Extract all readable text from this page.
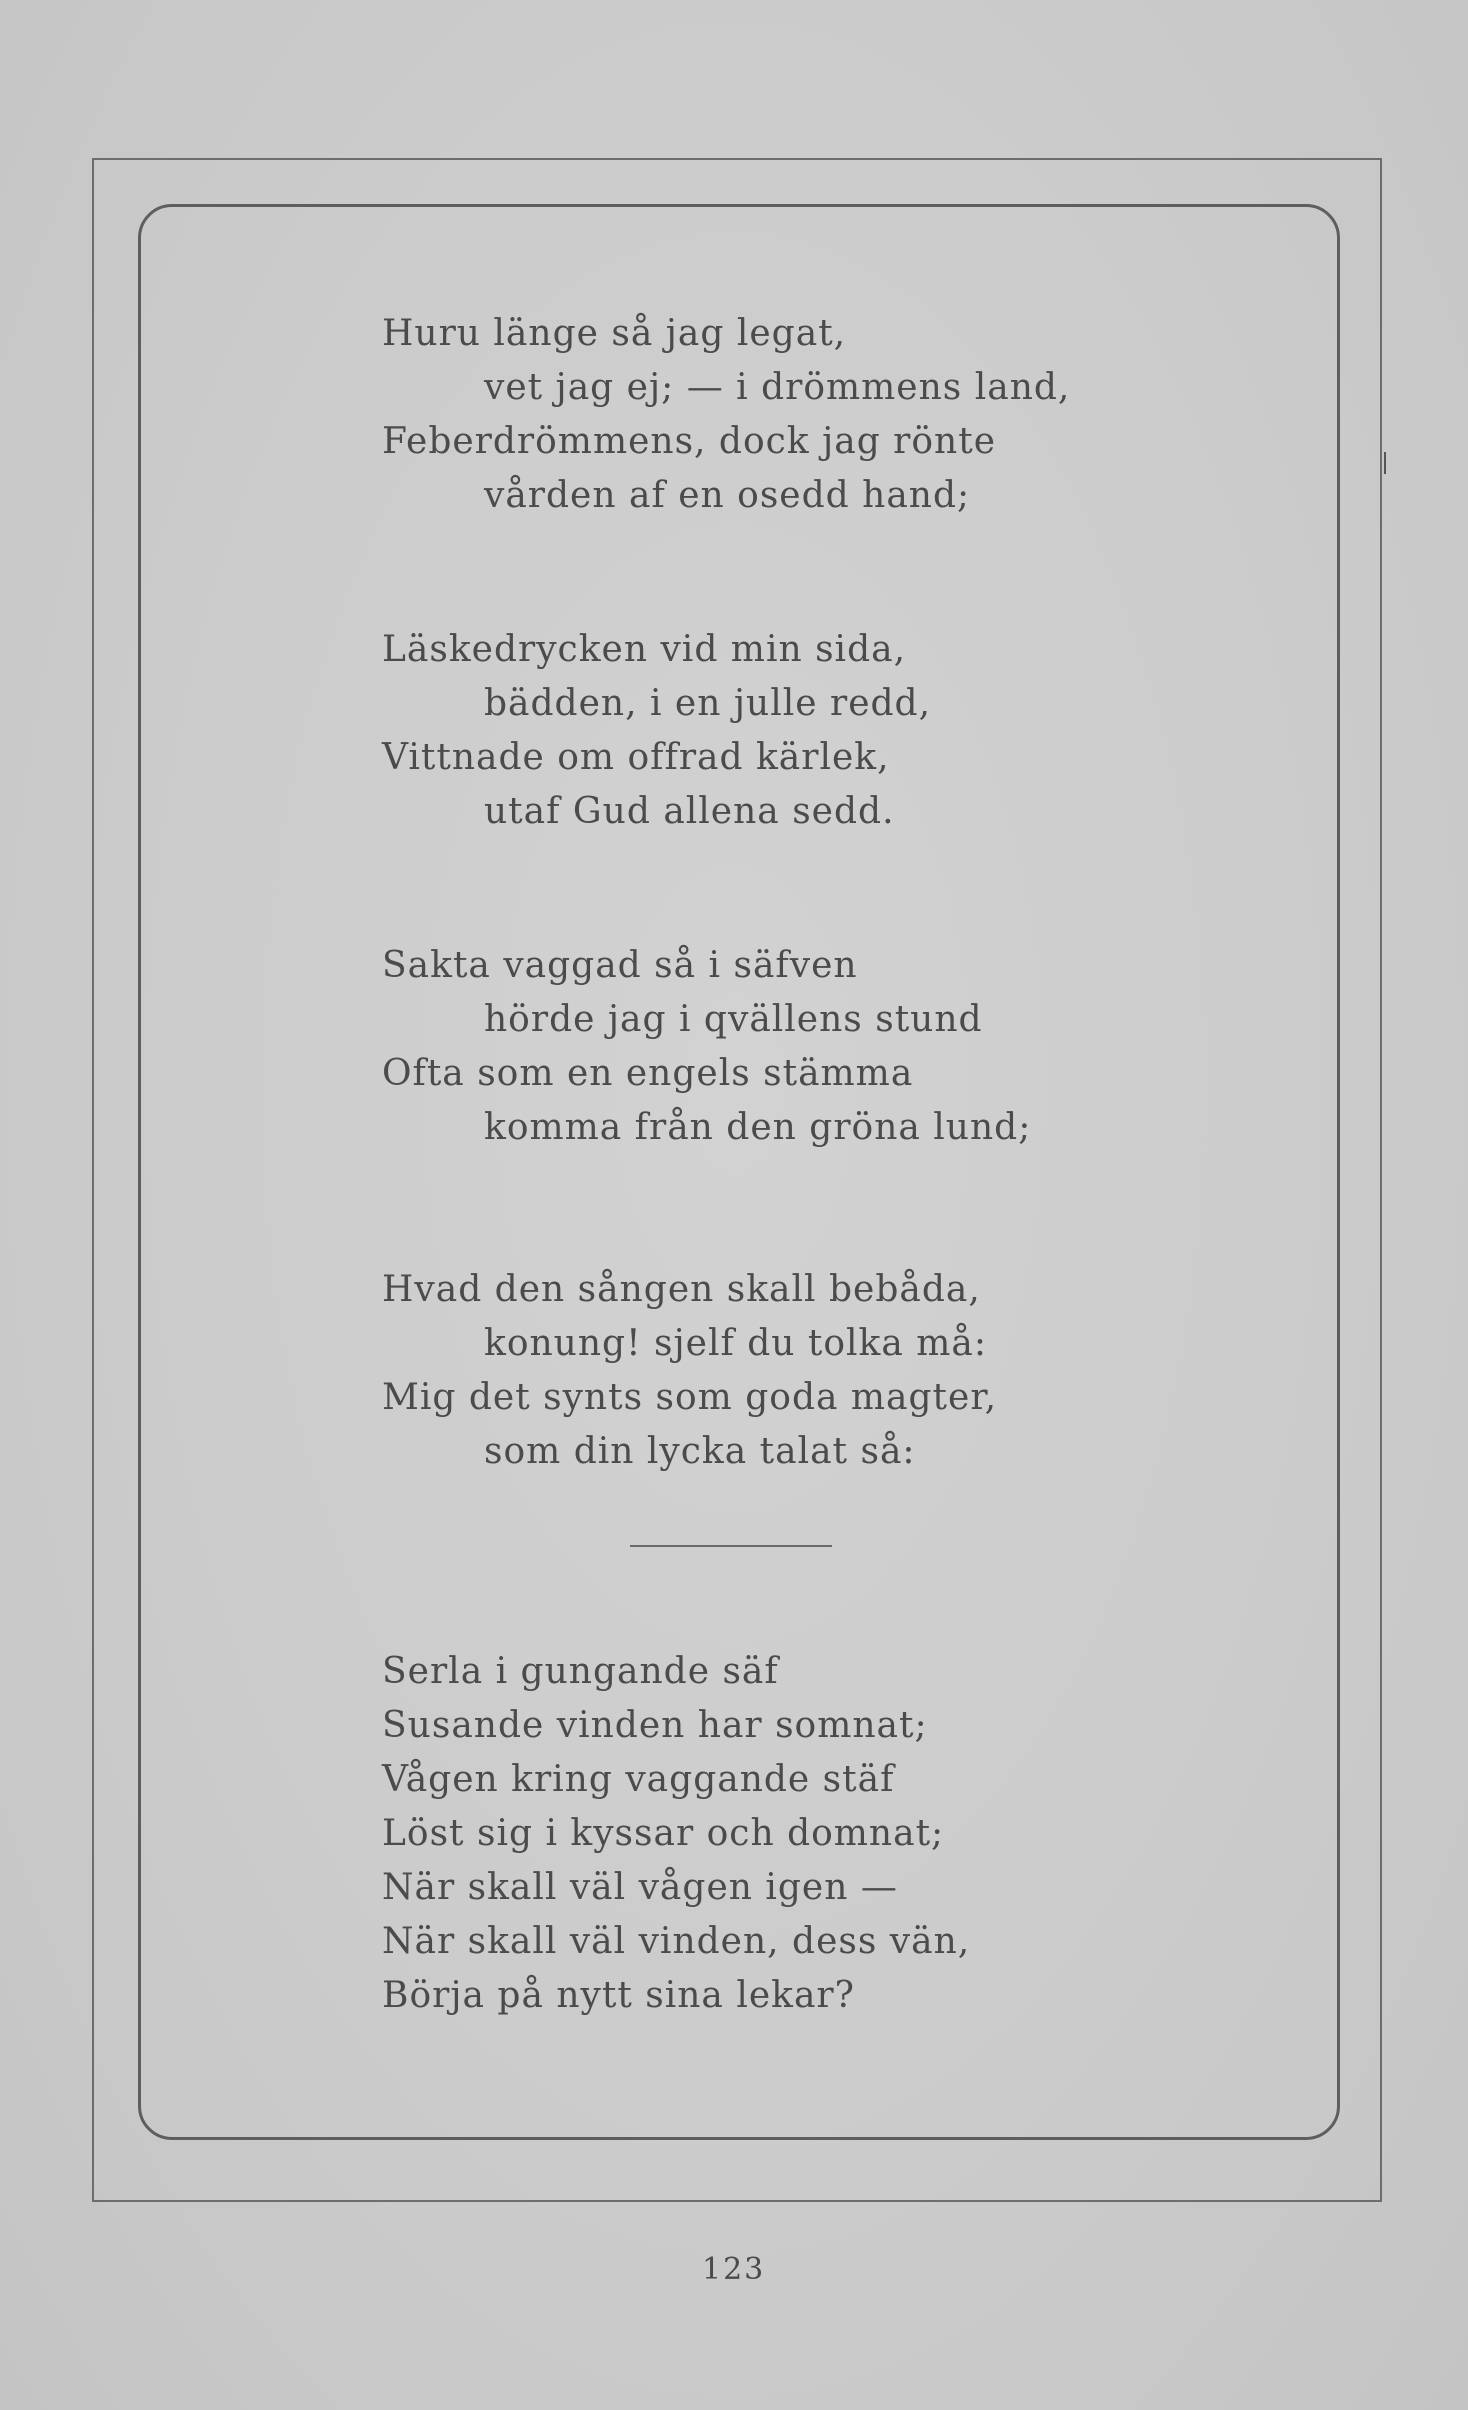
Huru länge så jag legat,
vet jag ej; — i drömmens land,
Feberdrömmens, dock jag rönte
vården af en osedd hand;
Läskedrycken vid min sida,
bädden, i en julle redd,
Vittnade om offrad kärlek,
utaf Gud allena sedd.
Sakta vaggad så i säfven
hörde jag i qvällens stund
Ofta som en engels stämma
komma från den gröna lund;
Hvad den sången skall bebåda,
konung! sjelf du tolka må:
Mig det synts som goda magter,
som din lycka talat så:
Serla i gungande säf
Susande vinden har somnat;
Vågen kring vaggande stäf
Löst sig i kyssar och domnat;
När skall väl vågen igen —
När skall väl vinden, dess vän,
Börja på nytt sina lekar?
123
